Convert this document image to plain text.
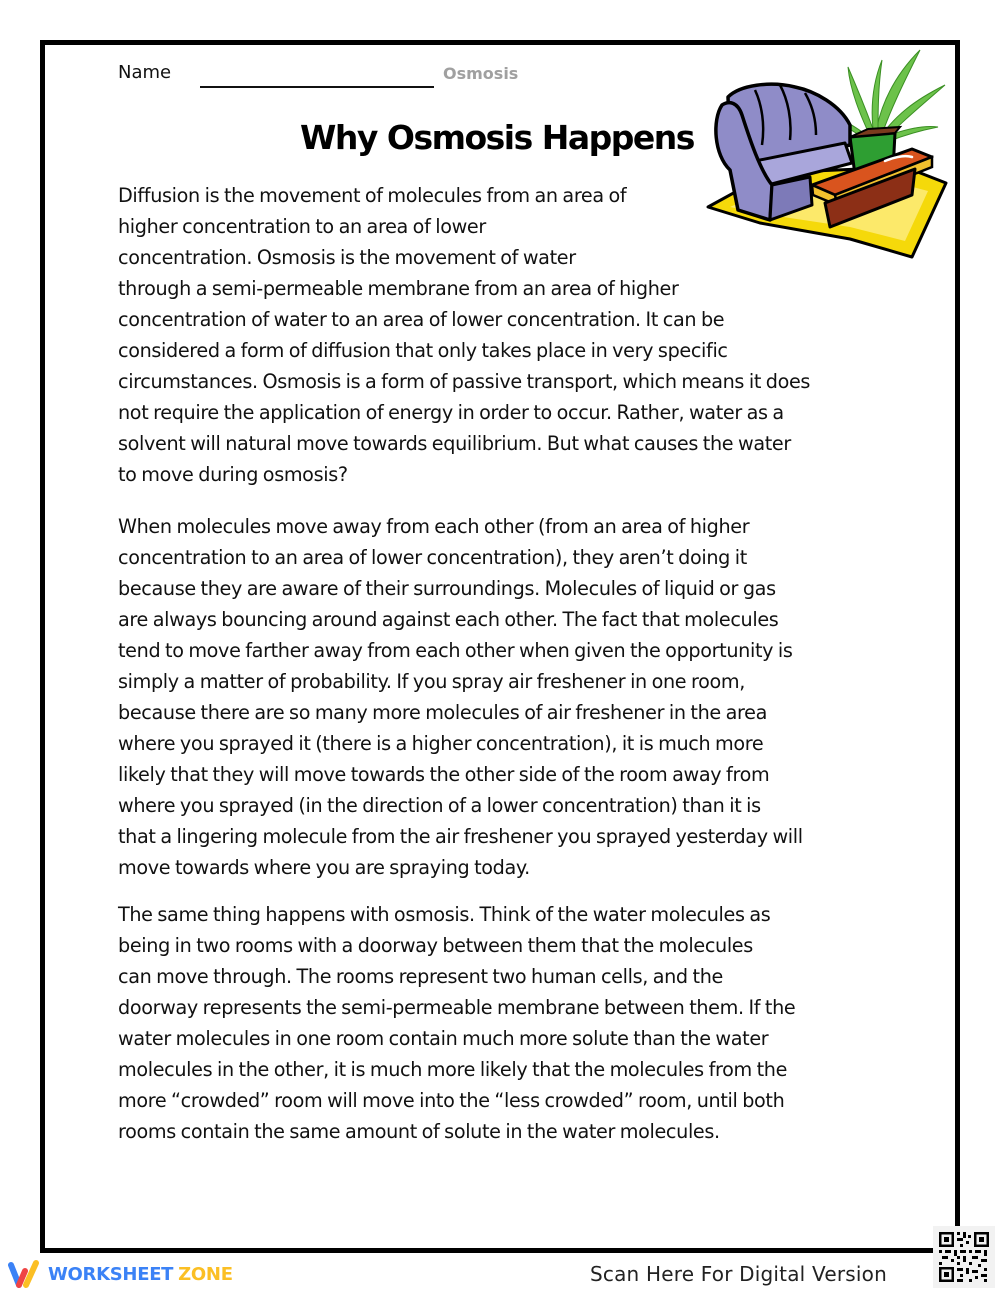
Name	Osmosis
Why Osmosis Happens
Diffusion is the movement of molecules from an area of
higher concentration to an area of lower
concentration. Osmosis is the movement of water
through a semi-permeable membrane from an area of higher
concentration of water to an area of lower concentration. It can be
considered a form of diffusion that only takes place in very specific
circumstances. Osmosis is a form of passive transport, which means it does
not require the application of energy in order to occur. Rather, water as a
solvent will natural move towards equilibrium. But what causes the water
to move during osmosis?
When molecules move away from each other (from an area of higher
concentration to an area of lower concentration), they aren’t doing it
because they are aware of their surroundings. Molecules of liquid or gas
are always bouncing around against each other. The fact that molecules
tend to move farther away from each other when given the opportunity is
simply a matter of probability. If you spray air freshener in one room,
because there are so many more molecules of air freshener in the area
where you sprayed it (there is a higher concentration), it is much more
likely that they will move towards the other side of the room away from
where you sprayed (in the direction of a lower concentration) than it is
that a lingering molecule from the air freshener you sprayed yesterday will
move towards where you are spraying today.
The same thing happens with osmosis. Think of the water molecules as
being in two rooms with a doorway between them that the molecules
can move through. The rooms represent two human cells, and the
doorway represents the semi-permeable membrane between them. If the
water molecules in one room contain much more solute than the water
molecules in the other, it is much more likely that the molecules from the
more “crowded” room will move into the “less crowded” room, until both
rooms contain the same amount of solute in the water molecules.
WORKSHEET ZONE	Scan Here For Digital Version
